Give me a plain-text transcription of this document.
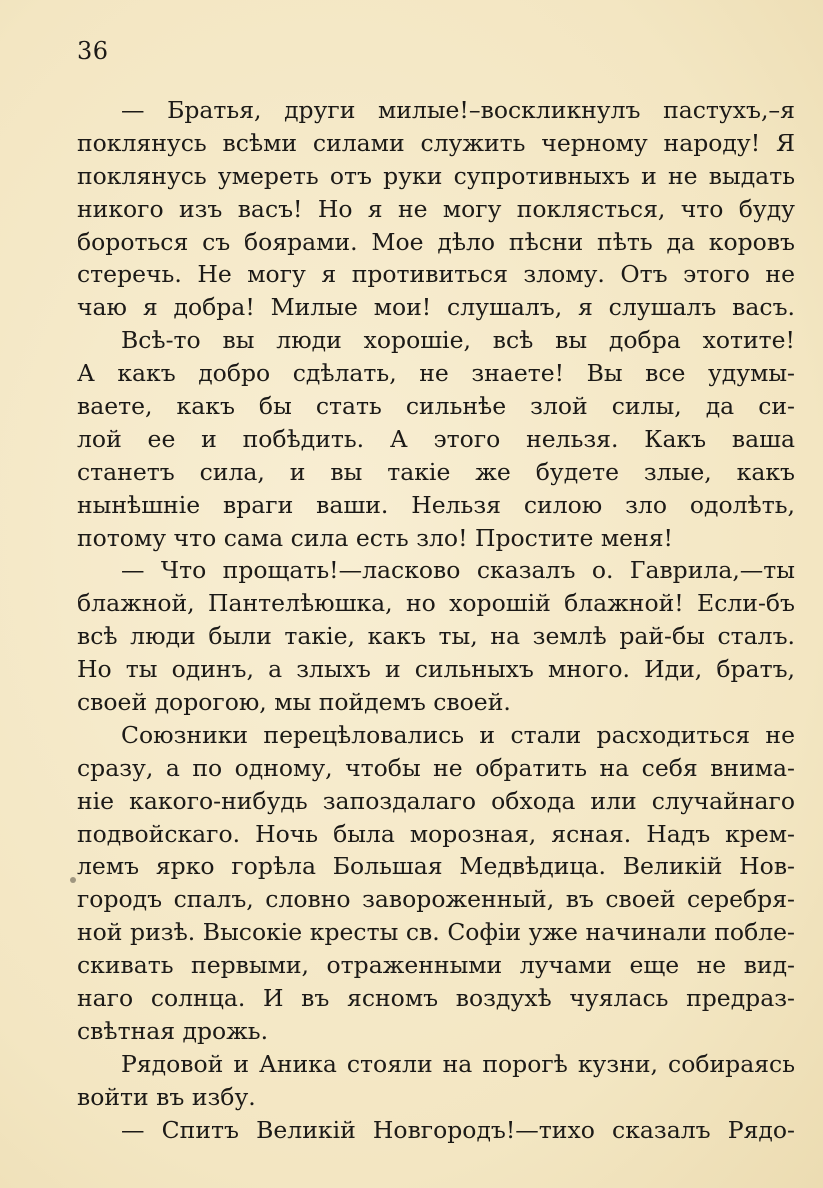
36
— Братья, други милые!–воскликнулъ пастухъ,–я
поклянусь всѣми силами служить черному народу! Я
поклянусь умереть отъ руки супротивныхъ и не выдать
никого изъ васъ! Но я не могу поклясться, что буду
бороться съ боярами. Мое дѣло пѣсни пѣть да коровъ
стеречь. Не могу я противиться злому. Отъ этого не
чаю я добра! Милые мои! слушалъ, я слушалъ васъ.
Всѣ-то вы люди хорошіе, всѣ вы добра хотите!
А какъ добро сдѣлать, не знаете! Вы все удумы-
ваете, какъ бы стать сильнѣе злой силы, да си-
лой ее и побѣдить. А этого нельзя. Какъ ваша
станетъ сила, и вы такіе же будете злые, какъ
нынѣшніе враги ваши. Нельзя силою зло одолѣть,
потому что сама сила есть зло! Простите меня!
— Что прощать!—ласково сказалъ о. Гаврила,—ты
блажной, Пантелѣюшка, но хорошій блажной! Если-бъ
всѣ люди были такіе, какъ ты, на землѣ рай-бы сталъ.
Но ты одинъ, а злыхъ и сильныхъ много. Иди, братъ,
своей дорогою, мы пойдемъ своей.
Союзники перецѣловались и стали расходиться не
сразу, а по одному, чтобы не обратить на себя внима-
ніе какого-нибудь запоздалаго обхода или случайнаго
подвойскаго. Ночь была морозная, ясная. Надъ крем-
лемъ ярко горѣла Большая Медвѣдица. Великій Нов-
городъ спалъ, словно завороженный, въ своей серебря-
ной ризѣ. Высокіе кресты св. Софіи уже начинали побле-
скивать первыми, отраженными лучами еще не вид-
наго солнца. И въ ясномъ воздухѣ чуялась предраз-
свѣтная дрожь.
Рядовой и Аника стояли на порогѣ кузни, собираясь
войти въ избу.
— Спитъ Великій Новгородъ!—тихо сказалъ Рядо-
